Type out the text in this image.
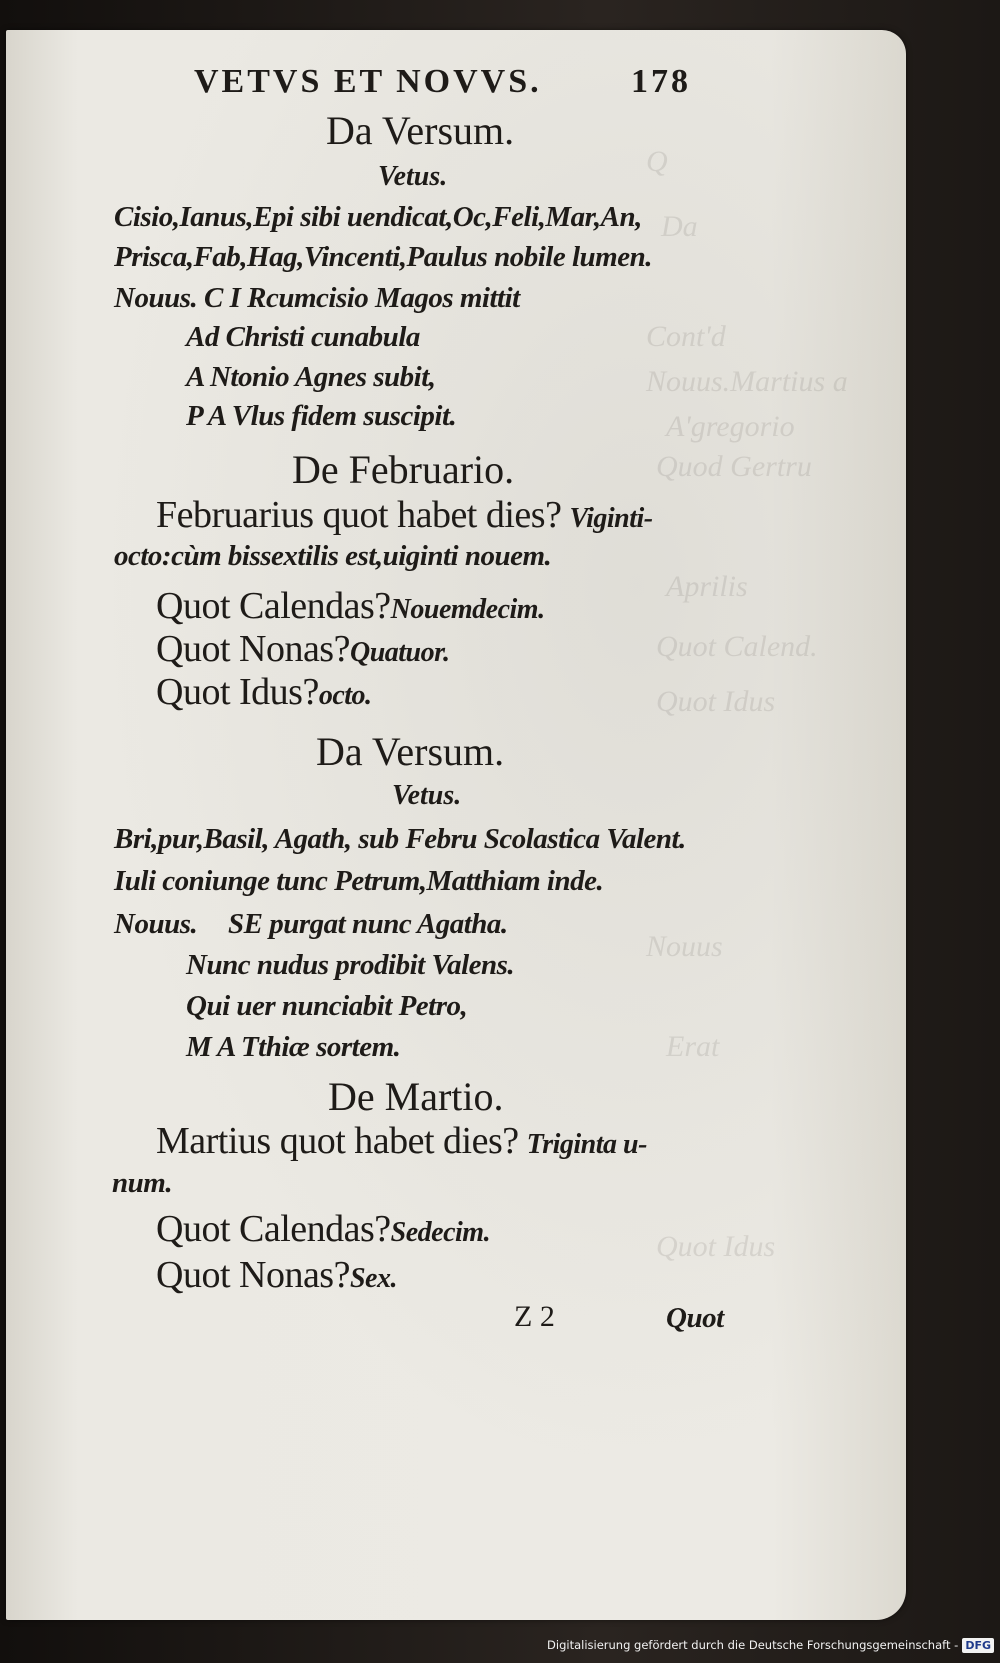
Q
Da
Cont'd
Nouus.Martius a
A'gregorio
Quod Gertru
Aprilis
Quot Calend.
Quot Idus
Nouus
Erat
Quot Idus
VETVS ET NOVVS.	178
Da Versum.
Vetus.
Cisio,Ianus,Epi sibi uendicat,Oc,Feli,Mar,An,
Prisca,Fab,Hag,Vincenti,Paulus nobile lumen.
Nouus. C I Rcumcisio Magos mittit
Ad Christi cunabula
A Ntonio Agnes subit,
P A Vlus fidem suscipit.
De Februario.
Februarius quot habet dies? Viginti-
octo:cùm bissextilis est,uiginti nouem.
Quot Calendas?Nouemdecim.
Quot Nonas?Quatuor.
Quot Idus?octo.
Da Versum.
Vetus.
Bri,pur,Basil, Agath, sub Febru Scolastica Valent.
Iuli coniunge tunc Petrum,Matthiam inde.
Nouus. SE purgat nunc Agatha.
Nunc nudus prodibit Valens.
Qui uer nunciabit Petro,
M A Tthiæ sortem.
De Martio.
Martius quot habet dies? Triginta u-
num.
Quot Calendas?Sedecim.
Quot Nonas?Sex.
Z 2	Quot
Digitalisierung gefördert durch die Deutsche Forschungsgemeinschaft - DFG
